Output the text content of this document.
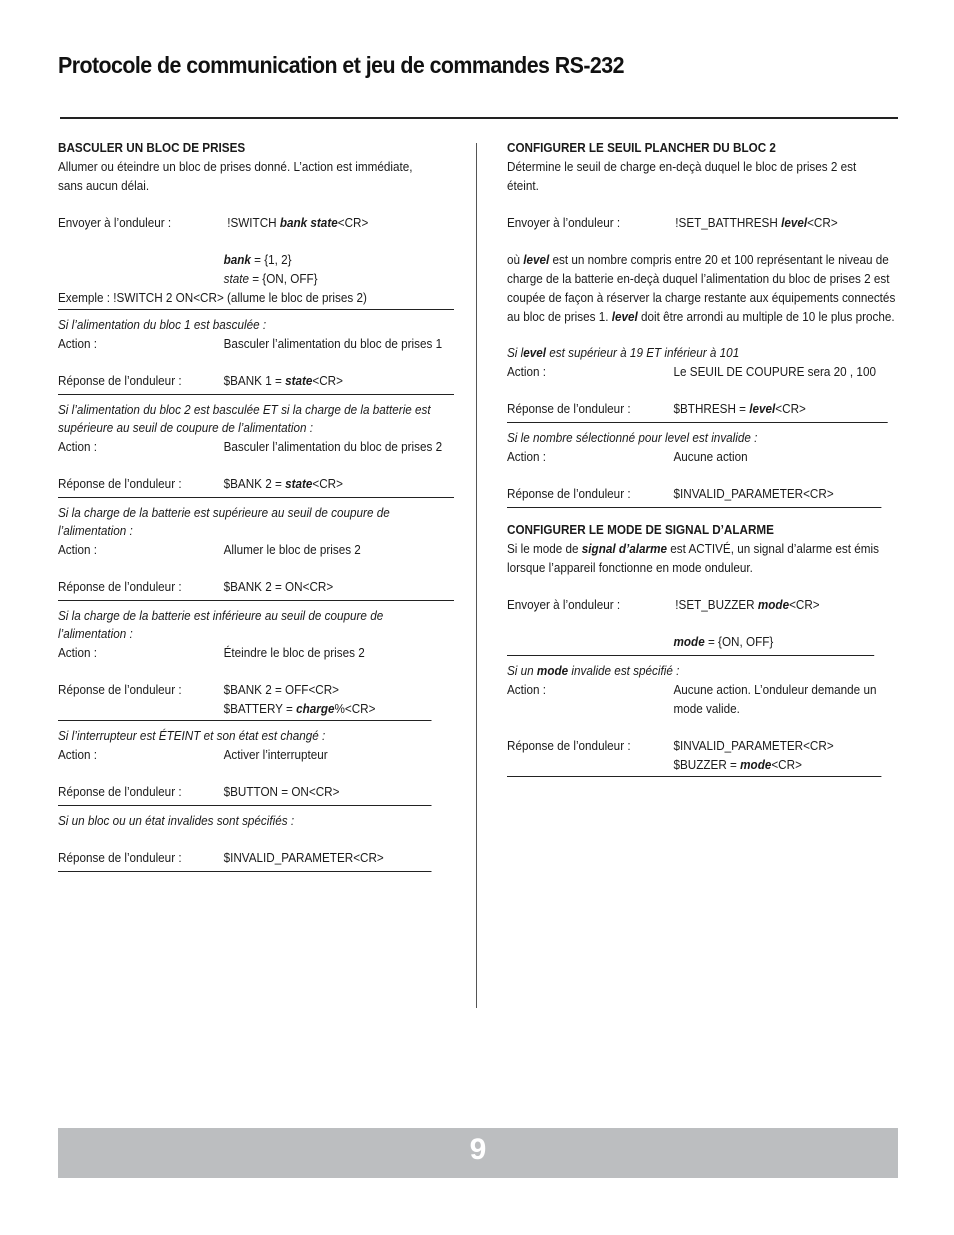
Protocole de communication et jeu de commandes RS-232
BASCULER UN BLOC DE PRISES
Allumer ou éteindre un bloc de prises donné. L’action est immédiate, sans aucun délai.
Envoyer à l’onduleur :	!SWITCH bank state<CR>
bank = {1, 2}
state = {ON, OFF}
Exemple : !SWITCH 2 ON<CR> (allume le bloc de prises 2)
Si l’alimentation du bloc 1 est basculée :
Action :	Basculer l’alimentation du bloc de prises 1
Réponse de l’onduleur :	$BANK 1 = state<CR>
Si l’alimentation du bloc 2 est basculée ET si la charge de la batterie est supérieure au seuil de coupure de l’alimentation :
Action :	Basculer l’alimentation du bloc de prises 2
Réponse de l’onduleur :	$BANK 2 = state<CR>
Si la charge de la batterie est supérieure au seuil de coupure de l’alimentation :
Action :	Allumer le bloc de prises 2
Réponse de l’onduleur :	$BANK 2 = ON<CR>
Si la charge de la batterie est inférieure au seuil de coupure de l’alimentation :
Action :	Éteindre le bloc de prises 2
Réponse de l’onduleur :	$BANK 2 = OFF<CR>
$BATTERY = charge%<CR>
Si l’interrupteur est ÉTEINT et son état est changé :
Action :	Activer l’interrupteur
Réponse de l’onduleur :	$BUTTON = ON<CR>
Si un bloc ou un état invalides sont spécifiés :
Réponse de l’onduleur :	$INVALID_PARAMETER<CR>
CONFIGURER LE SEUIL PLANCHER DU BLOC 2
Détermine le seuil de charge en-deçà duquel le bloc de prises 2 est éteint.
Envoyer à l’onduleur :	!SET_BATTHRESH level<CR>
où level est un nombre compris entre 20 et 100 représentant le niveau de charge de la batterie en-deçà duquel l’alimentation du bloc de prises 2 est coupée de façon à réserver la charge restante aux équipements connectés au bloc de prises 1. level doit être arrondi au multiple de 10 le plus proche.
Si level est supérieur à 19 ET inférieur à 101
Action :	Le SEUIL DE COUPURE sera 20 , 100
Réponse de l’onduleur :	$BTHRESH = level<CR>
Si le nombre sélectionné pour level est invalide :
Action :	Aucune action
Réponse de l’onduleur :	$INVALID_PARAMETER<CR>
CONFIGURER LE MODE DE SIGNAL D’ALARME
Si le mode de signal d’alarme est ACTIVÉ, un signal d’alarme est émis lorsque l’appareil fonctionne en mode onduleur.
Envoyer à l’onduleur :	!SET_BUZZER mode<CR>
mode = {ON, OFF}
Si un mode invalide est spécifié :
Action :	Aucune action. L’onduleur demande un mode valide.
Réponse de l’onduleur :	$INVALID_PARAMETER<CR>
$BUZZER = mode<CR>
9
